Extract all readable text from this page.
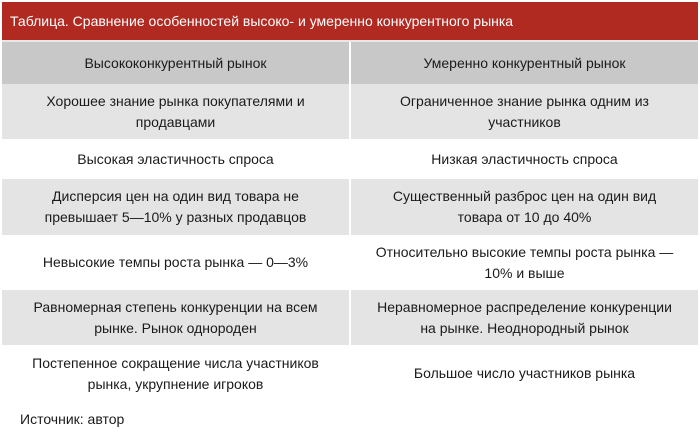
Таблица. Сравнение особенностей высоко- и умеренно конкурентного рынка
Высококонкурентный рынок	Умеренно конкурентный рынок
Хорошее знание рынка покупателями и продавцами
Ограниченное знание рынка одним из участников
Высокая эластичность спроса	Низкая эластичность спроса
Дисперсия цен на один вид товара не превышает 5—10% у разных продавцов
Существенный разброс цен на один вид товара от 10 до 40%
Невысокие темпы роста рынка — 0—3%
Относительно высокие темпы роста рынка — 10% и выше
Равномерная степень конкуренции на всем рынке. Рынок однороден
Неравномерное распределение конкуренции на рынке. Неоднородный рынок
Постепенное сокращение числа участников рынка, укрупнение игроков
Большое число участников рынка
Источник: автор
